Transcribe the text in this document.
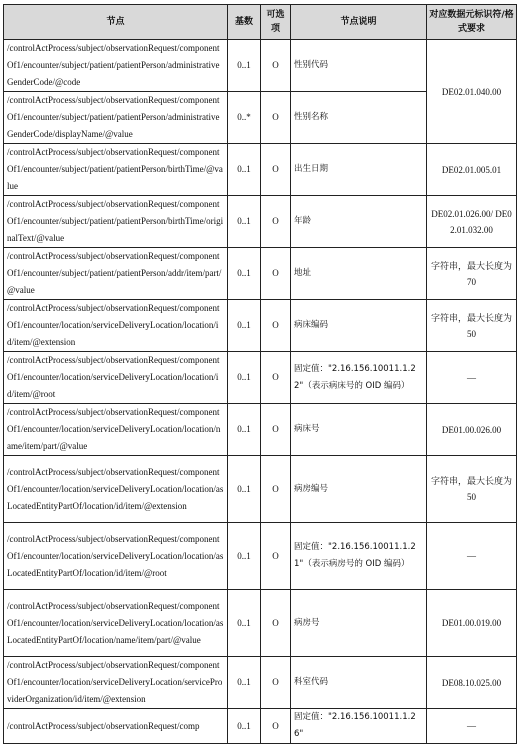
节点	基数	可选项	节点说明	对应数据元标识符/格式要求
/controlActProcess/subject/observationRequest/componentOf1/encounter/subject/patient/patientPerson/administrativeGenderCode/@code	0..1	O	性别代码	DE02.01.040.00
/controlActProcess/subject/observationRequest/componentOf1/encounter/subject/patient/patientPerson/administrativeGenderCode/displayName/@value	0..*	O	性别名称	
/controlActProcess/subject/observationRequest/componentOf1/encounter/subject/patient/patientPerson/birthTime/@value	0..1	O	出生日期	DE02.01.005.01
/controlActProcess/subject/observationRequest/componentOf1/encounter/subject/patient/patientPerson/birthTime/originalText/@value	0..1	O	年龄	DE02.01.026.00/ DE02.01.032.00
/controlActProcess/subject/observationRequest/componentOf1/encounter/subject/patient/patientPerson/addr/item/part/@value	0..1	O	地址	字符串，最大长度为 70
/controlActProcess/subject/observationRequest/componentOf1/encounter/location/serviceDeliveryLocation/location/id/item/@extension	0..1	O	病床编码	字符串，最大长度为 50
/controlActProcess/subject/observationRequest/componentOf1/encounter/location/serviceDeliveryLocation/location/id/item/@root	0..1	O	固定值："2.16.156.10011.1.22"（表示病床号的 OID 编码）	—
/controlActProcess/subject/observationRequest/componentOf1/encounter/location/serviceDeliveryLocation/location/name/item/part/@value	0..1	O	病床号	DE01.00.026.00
/controlActProcess/subject/observationRequest/componentOf1/encounter/location/serviceDeliveryLocation/location/asLocatedEntityPartOf/location/id/item/@extension	0..1	O	病房编号	字符串，最大长度为 50
/controlActProcess/subject/observationRequest/componentOf1/encounter/location/serviceDeliveryLocation/location/asLocatedEntityPartOf/location/id/item/@root	0..1	O	固定值："2.16.156.10011.1.21"（表示病房号的 OID 编码）	—
/controlActProcess/subject/observationRequest/componentOf1/encounter/location/serviceDeliveryLocation/location/asLocatedEntityPartOf/location/name/item/part/@value	0..1	O	病房号	DE01.00.019.00
/controlActProcess/subject/observationRequest/componentOf1/encounter/location/serviceDeliveryLocation/serviceProviderOrganization/id/item/@extension	0..1	O	科室代码	DE08.10.025.00
/controlActProcess/subject/observationRequest/comp	0..1	O	固定值："2.16.156.10011.1.26"	—
